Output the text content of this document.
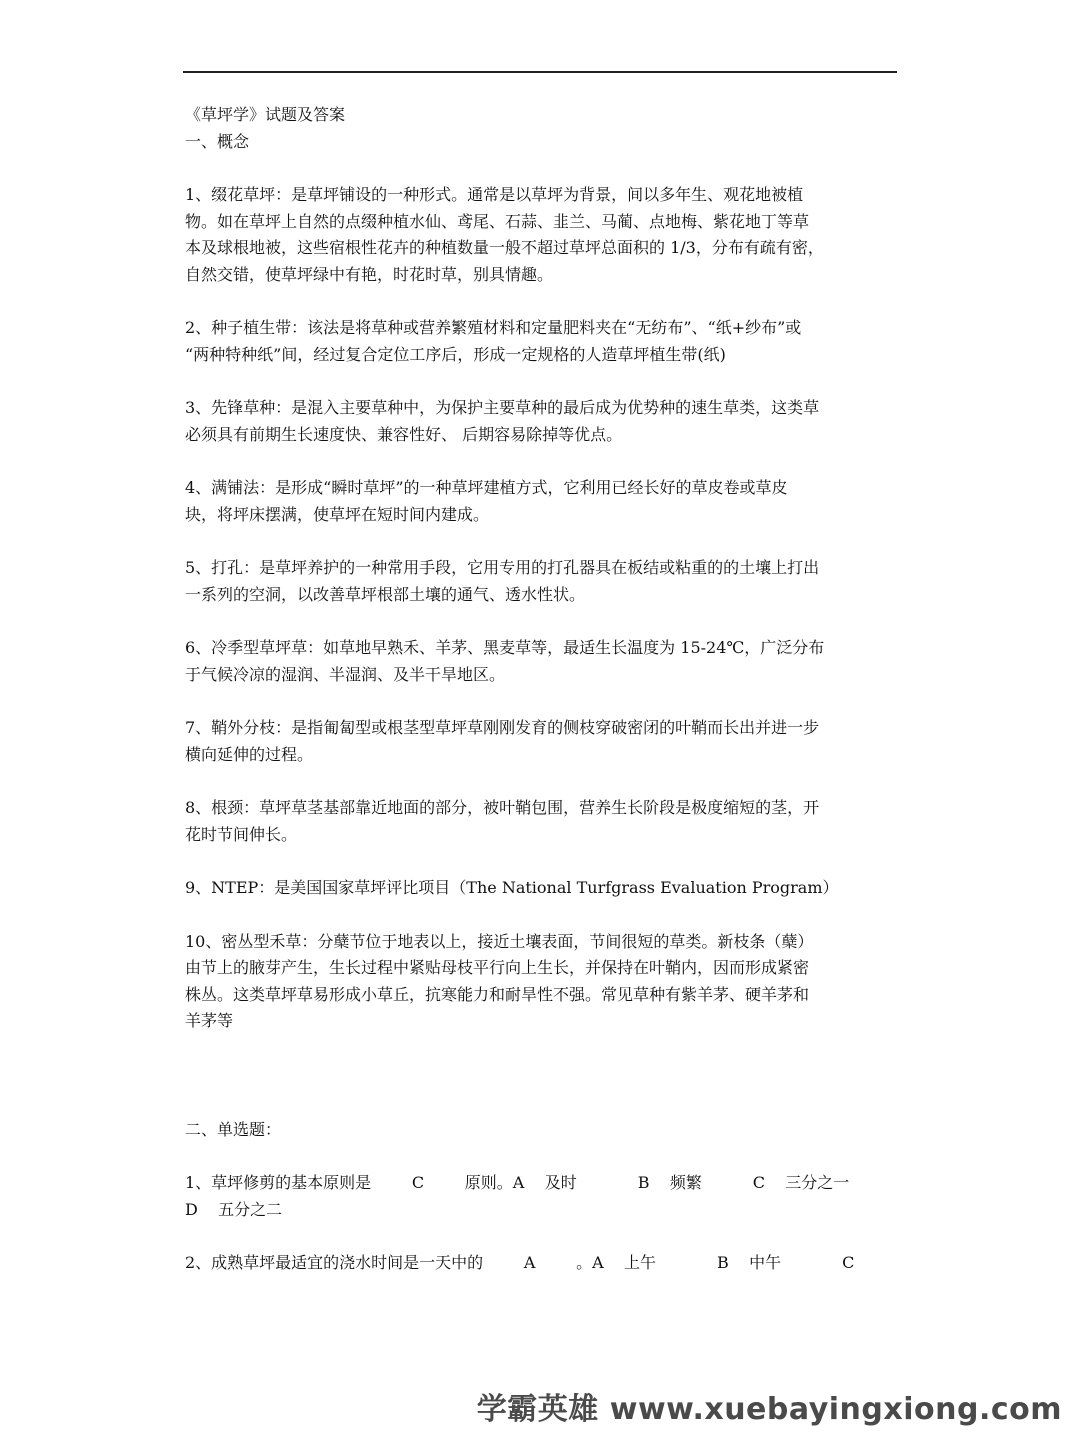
《草坪学》试题及答案

一、概念

1、缀花草坪：是草坪铺设的一种形式。通常是以草坪为背景，间以多年生、观花地被植

物。如在草坪上自然的点缀种植水仙、鸢尾、石蒜、韭兰、马蔺、点地梅、紫花地丁等草

本及球根地被，这些宿根性花卉的种植数量一般不超过草坪总面积的 1/3，分布有疏有密，

自然交错，使草坪绿中有艳，时花时草，别具情趣。

2、种子植生带：该法是将草种或营养繁殖材料和定量肥料夹在“无纺布”、“纸+纱布”或

“两种特种纸”间，经过复合定位工序后，形成一定规格的人造草坪植生带(纸)

3、先锋草种：是混入主要草种中，为保护主要草种的最后成为优势种的速生草类，这类草

必须具有前期生长速度快、兼容性好、 后期容易除掉等优点。

4、满铺法：是形成“瞬时草坪”的一种草坪建植方式，它利用已经长好的草皮卷或草皮

块，将坪床摆满，使草坪在短时间内建成。

5、打孔：是草坪养护的一种常用手段，它用专用的打孔器具在板结或粘重的的土壤上打出

一系列的空洞，以改善草坪根部土壤的通气、透水性状。

6、冷季型草坪草：如草地早熟禾、羊茅、黑麦草等，最适生长温度为 15-24℃，广泛分布

于气候冷凉的湿润、半湿润、及半干旱地区。

7、鞘外分枝：是指匍匐型或根茎型草坪草刚刚发育的侧枝穿破密闭的叶鞘而长出并进一步

横向延伸的过程。

8、根颈：草坪草茎基部靠近地面的部分，被叶鞘包围，营养生长阶段是极度缩短的茎，开

花时节间伸长。

9、NTEP：是美国国家草坪评比项目（The National Turfgrass Evaluation Program）

10、密丛型禾草：分蘖节位于地表以上，接近土壤表面，节间很短的草类。新枝条（蘖）

由节上的腋芽产生，生长过程中紧贴母枝平行向上生长，并保持在叶鞘内，因而形成紧密

株丛。这类草坪草易形成小草丘，抗寒能力和耐旱性不强。常见草种有紫羊茅、硬羊茅和

羊茅等

二、单选题：

1、草坪修剪的基本原则是        C        原则。A    及时            B    频繁          C    三分之一

D    五分之二

2、成熟草坪最适宜的浇水时间是一天中的        A        。A    上午            B    中午            C

学霸英雄 www.xuebayingxiong.com
